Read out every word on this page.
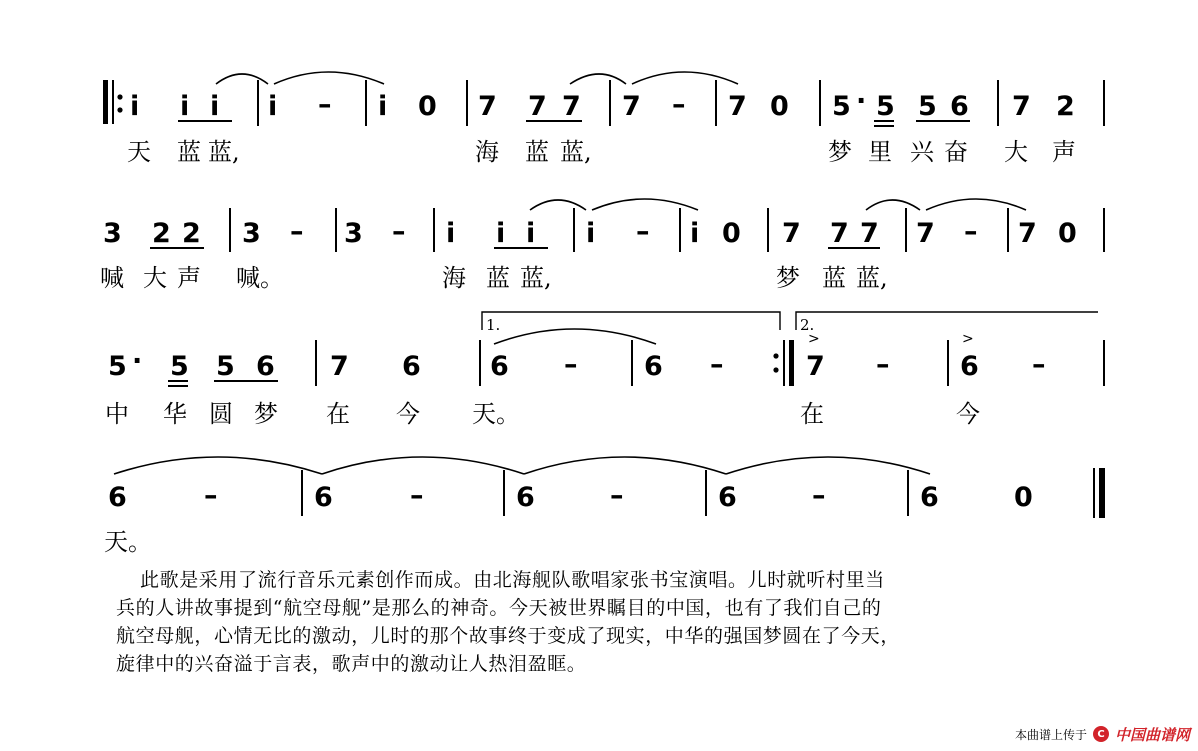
i i i i – i 0 7 7 7 7 – 7 0 5 · 5 5 6 7 2
天 蓝 蓝,	海 蓝 蓝,	梦 里 兴 奋 大 声
3 2 2 3 – 3 – i i i i – i 0 7 7 7 7 – 7 0
喊 大 声 喊。	海 蓝 蓝,	梦 蓝 蓝,
1.	2.
5 · 5 5 6 7 6	6 – 6 –
>
7 –
>
6 –
中 华 圆 梦 在 今 天。	在	今
6	–	6	–	6	–	6	–	6	0
天。

此歌是采用了流行音乐元素创作而成。由北海舰队歌唱家张书宝演唱。儿时就听村里当

兵的人讲故事提到“航空母舰”是那么的神奇。今天被世界瞩目的中国，也有了我们自己的

航空母舰，心情无比的激动，儿时的那个故事终于变成了现实，中华的强国梦圆在了今天，

旋律中的兴奋溢于言表，歌声中的激动让人热泪盈眶。

本曲谱上传于	C 中国曲谱网
